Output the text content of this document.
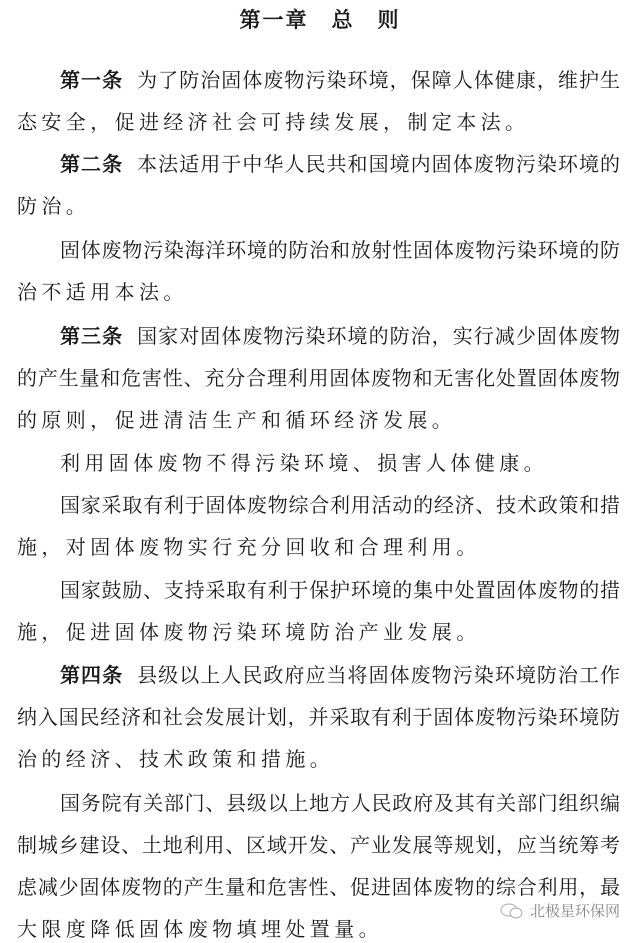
第一章　总　则
第一条 为了防治固体废物污染环境，保障人体健康，维护生
态安全，促进经济社会可持续发展，制定本法。
第二条 本法适用于中华人民共和国境内固体废物污染环境的
防治。
固体废物污染海洋环境的防治和放射性固体废物污染环境的防
治不适用本法。
第三条 国家对固体废物污染环境的防治，实行减少固体废物
的产生量和危害性、充分合理利用固体废物和无害化处置固体废物
的原则，促进清洁生产和循环经济发展。
利用固体废物不得污染环境、损害人体健康。
国家采取有利于固体废物综合利用活动的经济、技术政策和措
施，对固体废物实行充分回收和合理利用。
国家鼓励、支持采取有利于保护环境的集中处置固体废物的措
施，促进固体废物污染环境防治产业发展。
第四条 县级以上人民政府应当将固体废物污染环境防治工作
纳入国民经济和社会发展计划，并采取有利于固体废物污染环境防
治的经济、技术政策和措施。
国务院有关部门、县级以上地方人民政府及其有关部门组织编
制城乡建设、土地利用、区域开发、产业发展等规划，应当统筹考
虑减少固体废物的产生量和危害性、促进固体废物的综合利用，最
大限度降低固体废物填埋处置量。
北极星环保网
